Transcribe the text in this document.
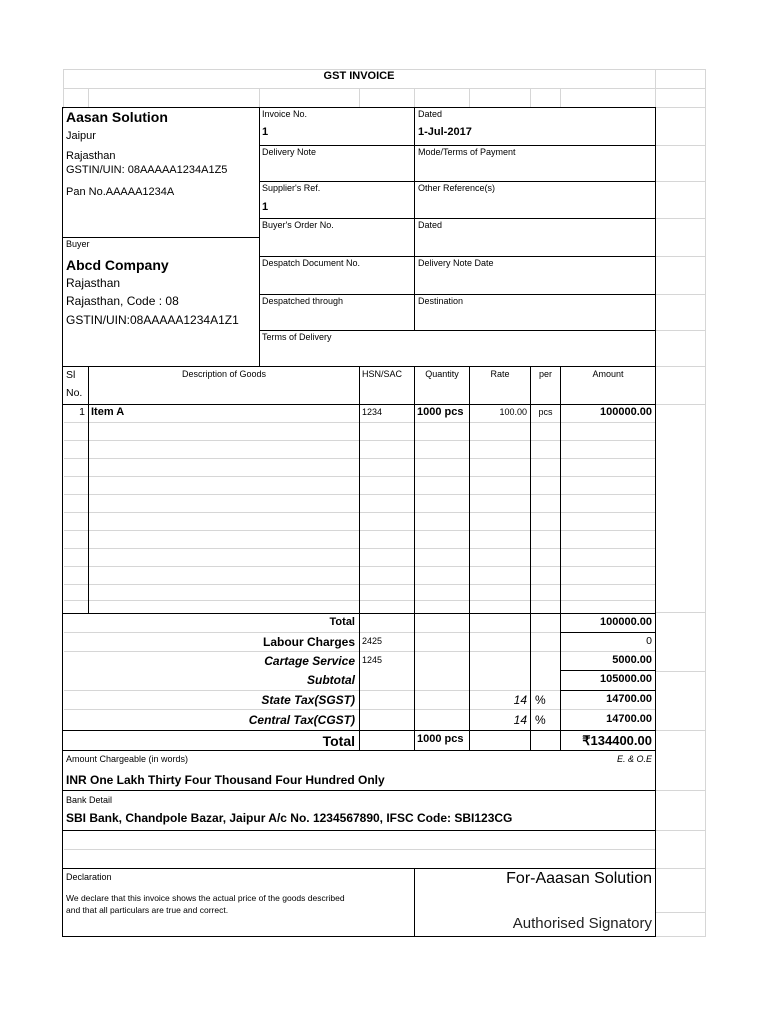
GST INVOICE
Aasan Solution
Jaipur
Rajasthan
GSTIN/UIN: 08AAAAA1234A1Z5
Pan No.AAAAA1234A
Invoice No.
1
Dated
1-Jul-2017
Delivery Note	Mode/Terms of Payment
Supplier's Ref.
1
Other Reference(s)
Buyer's Order No.	Dated
Despatch Document No.	Delivery Note Date
Despatched through	Destination
Terms of Delivery
Buyer
Abcd Company
Rajasthan
Rajasthan, Code : 08
GSTIN/UIN:08AAAAA1234A1Z1
Sl
No.
Description of Goods	HSN/SAC	Quantity	Rate	per	Amount
1 Item A	1234	1000 pcs	100.00	pcs	100000.00
Total	100000.00
Labour Charges 2425	0
Cartage Service 1245	5000.00
Subtotal	105000.00
State Tax(SGST)	14 %	14700.00
Central Tax(CGST)	14 %	14700.00
Total	1000 pcs	₹134400.00
Amount Chargeable (in words)	E. & O.E
INR One Lakh Thirty Four Thousand Four Hundred Only
Bank Detail
SBI Bank, Chandpole Bazar, Jaipur A/c No. 1234567890, IFSC Code: SBI123CG
Declaration
We declare that this invoice shows the actual price of the goods described
and that all particulars are true and correct.
For-Aaasan Solution
Authorised Signatory
